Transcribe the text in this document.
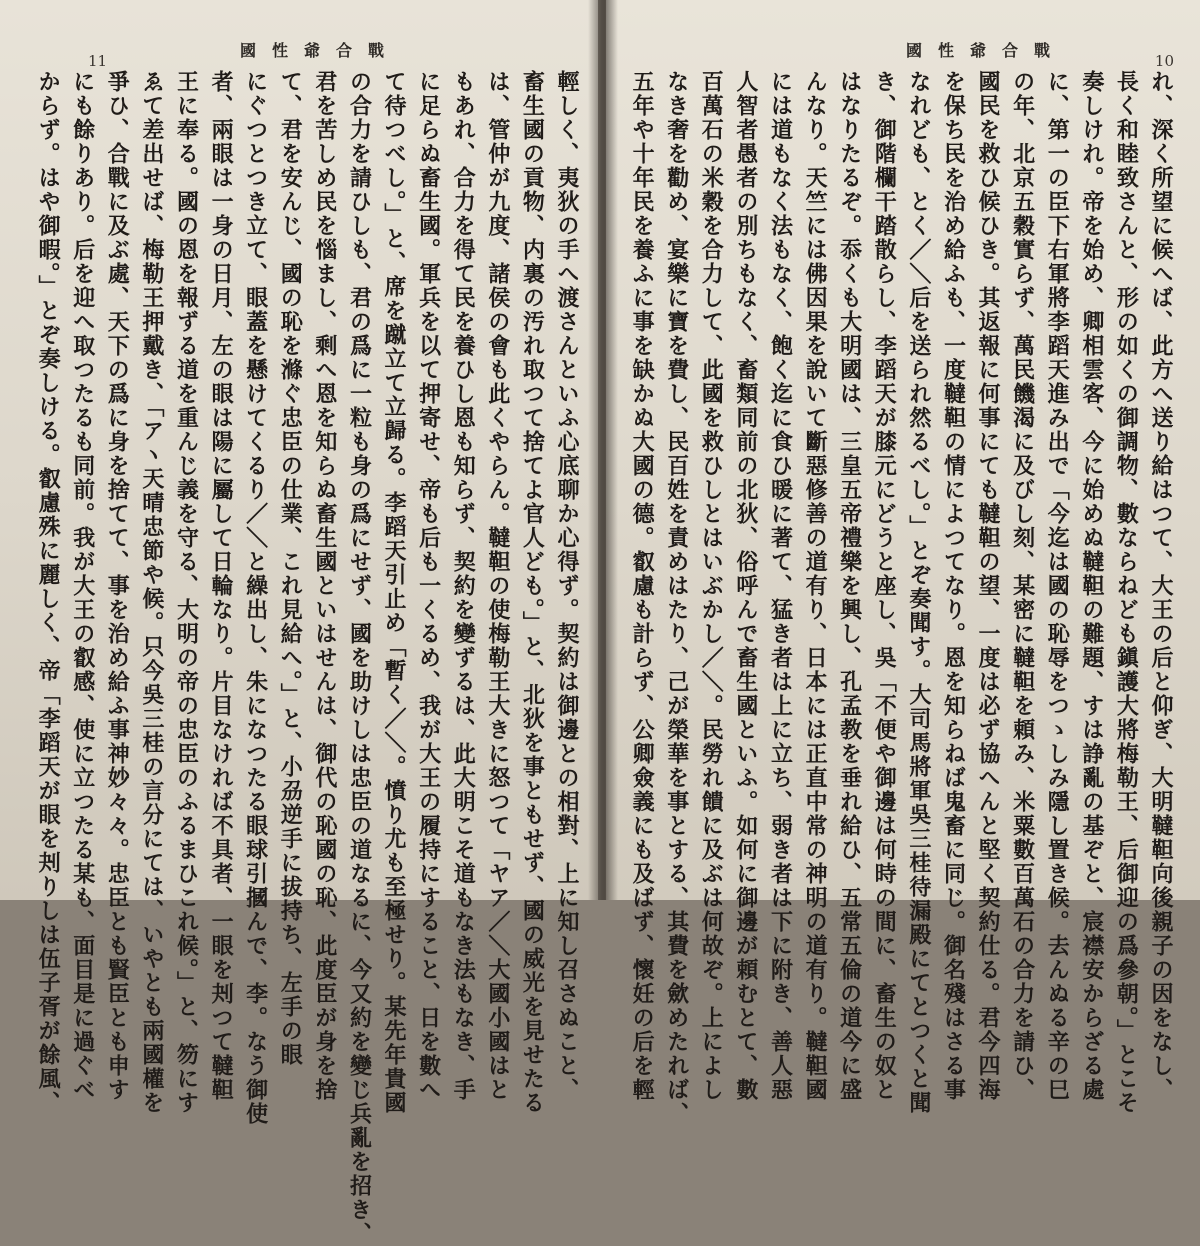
11
國性爺合戰
輕しく、夷狄の手へ渡さんといふ心底聊か心得ず。契約は御邊との相對、上に知し召さぬこと、
畜生國の貢物、内裏の汚れ取つて捨てよ官人ども。」と、北狄を事ともせず、國の威光を見せたる
は、管仲が九度、諸侯の會も此くやらん。韃靼の使梅勒王大きに怒つて「ヤア／＼大國小國はと
もあれ、合力を得て民を養ひし恩も知らず、契約を變ずるは、此大明こそ道もなき法もなき、手
に足らぬ畜生國。軍兵を以て押寄せ、帝も后も一くるめ、我が大王の履持にすること、日を數へ
て待つべし。」と、席を蹴立て立歸る。李蹈天引止め「暫く／＼。憤り尤も至極せり。某先年貴國
の合力を請ひしも、君の爲に一粒も身の爲にせず、國を助けしは忠臣の道なるに、今又約を變じ兵亂を招き、
君を苦しめ民を惱まし、剩へ恩を知らぬ畜生國といはせんは、御代の恥國の恥、此度臣が身を捨
て、君を安んじ、國の恥を滌ぐ忠臣の仕業、これ見給へ。」と、小刕逆手に拔持ち、左手の眼
にぐつとつき立て、眼蓋を懸けてくるり／＼と繰出し、朱になつたる眼球引摑んで、李。なう御使
者、兩眼は一身の日月、左の眼は陽に屬して日輪なり。片目なければ不具者、一眼を刔つて韃靼
王に奉る。國の恩を報ずる道を重んじ義を守る、大明の帝の忠臣のふるまひこれ候。」と、笏にす
ゑて差出せば、梅勒王押戴き、「アヽ天晴忠節や候。只今吳三桂の言分にては、いやとも兩國權を
爭ひ、合戰に及ぶ處、天下の爲に身を捨てて、事を治め給ふ事神妙々々。忠臣とも賢臣とも申す
にも餘りあり。后を迎へ取つたるも同前。我が大王の叡感、使に立つたる某も、面目是に過ぐべ
からず。はや御暇。」とぞ奏しける。叡慮殊に麗しく、帝「李蹈天が眼を刔りしは伍子胥が餘風、
10
國性爺合戰
れ、深く所望に候へば、此方へ送り給はつて、大王の后と仰ぎ、大明韃靼向後親子の因をなし、
長く和睦致さんと、形の如くの御調物、數ならねども鎭護大將梅勒王、后御迎の爲參朝。」とこそ
奏しけれ。帝を始め、卿相雲客、今に始めぬ韃靼の難題、すは諍亂の基ぞと、宸襟安からざる處
に、第一の臣下右軍將李蹈天進み出で「今迄は國の恥辱をつゝしみ隱し置き候。去んぬる辛の巳
の年、北京五穀實らず、萬民饑渴に及びし刻、某密に韃靼を頼み、米粟數百萬石の合力を請ひ、
國民を救ひ候ひき。其返報に何事にても韃靼の望、一度は必ず協へんと堅く契約仕る。君今四海
を保ち民を治め給ふも、一度韃靼の情によつてなり。恩を知らねば鬼畜に同じ。御名殘はさる事
なれども、とく／＼后を送られ然るべし。」とぞ奏聞す。大司馬將軍吳三桂待漏殿にてとつくと聞
き、御階欄干踏散らし、李蹈天が膝元にどうと座し、吳「不便や御邊は何時の間に、畜生の奴と
はなりたるぞ。忝くも大明國は、三皇五帝禮樂を興し、孔孟教を垂れ給ひ、五常五倫の道今に盛
んなり。天竺には佛因果を說いて斷惡修善の道有り、日本には正直中常の神明の道有り。韃靼國
には道もなく法もなく、飽く迄に食ひ暖に著て、猛き者は上に立ち、弱き者は下に附き、善人惡
人智者愚者の別ちもなく、畜類同前の北狄、俗呼んで畜生國といふ。如何に御邊が頼むとて、數
百萬石の米穀を合力して、此國を救ひしとはいぶかし／＼。民勞れ饋に及ぶは何故ぞ。上によし
なき奢を勸め、宴樂に寶を費し、民百姓を責めはたり、己が榮華を事とする、其費を歛めたれば、
五年や十年民を養ふに事を缺かぬ大國の德。叡慮も計らず、公卿僉義にも及ばず、懷妊の后を輕
